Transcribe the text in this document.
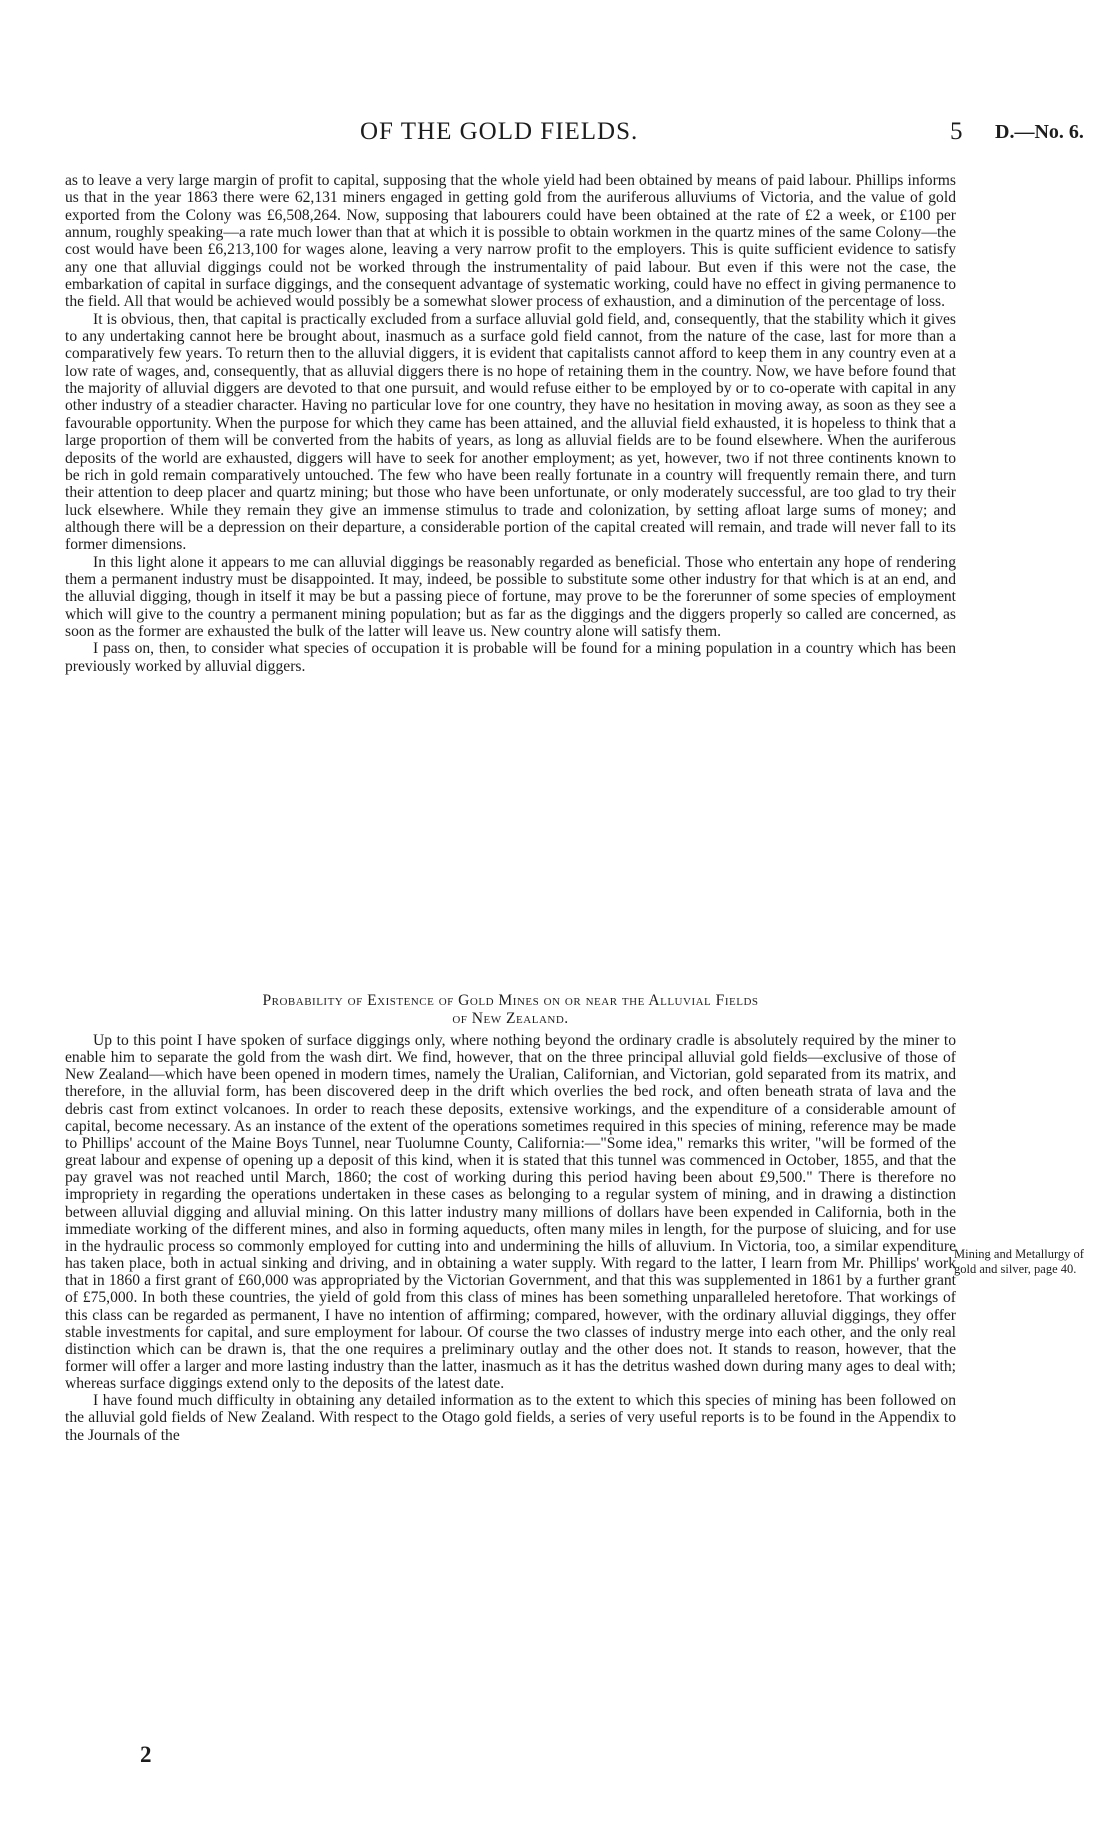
OF THE GOLD FIELDS.	5 D.—No. 6.

as to leave a very large margin of profit to capital, supposing that the whole yield had been obtained by means of paid labour. Phillips informs us that in the year 1863 there were 62,131 miners engaged in getting gold from the auriferous alluviums of Victoria, and the value of gold exported from the Colony was £6,508,264. Now, supposing that labourers could have been obtained at the rate of £2 a week, or £100 per annum, roughly speaking—a rate much lower than that at which it is possible to obtain workmen in the quartz mines of the same Colony—the cost would have been £6,213,100 for wages alone, leaving a very narrow profit to the employers. This is quite sufficient evidence to satisfy any one that alluvial diggings could not be worked through the instrumentality of paid labour. But even if this were not the case, the embarkation of capital in surface diggings, and the consequent advantage of systematic working, could have no effect in giving permanence to the field. All that would be achieved would possibly be a somewhat slower process of exhaustion, and a diminution of the percentage of loss.

It is obvious, then, that capital is practically excluded from a surface alluvial gold field, and, consequently, that the stability which it gives to any undertaking cannot here be brought about, inasmuch as a surface gold field cannot, from the nature of the case, last for more than a comparatively few years. To return then to the alluvial diggers, it is evident that capitalists cannot afford to keep them in any country even at a low rate of wages, and, consequently, that as alluvial diggers there is no hope of retaining them in the country. Now, we have before found that the majority of alluvial diggers are devoted to that one pursuit, and would refuse either to be employed by or to co-operate with capital in any other industry of a steadier character. Having no particular love for one country, they have no hesitation in moving away, as soon as they see a favourable opportunity. When the purpose for which they came has been attained, and the alluvial field exhausted, it is hopeless to think that a large proportion of them will be converted from the habits of years, as long as alluvial fields are to be found elsewhere. When the auriferous deposits of the world are exhausted, diggers will have to seek for another employment; as yet, however, two if not three continents known to be rich in gold remain comparatively untouched. The few who have been really fortunate in a country will frequently remain there, and turn their attention to deep placer and quartz mining; but those who have been unfortunate, or only moderately successful, are too glad to try their luck elsewhere. While they remain they give an immense stimulus to trade and colonization, by setting afloat large sums of money; and although there will be a depression on their departure, a considerable portion of the capital created will remain, and trade will never fall to its former dimensions.

In this light alone it appears to me can alluvial diggings be reasonably regarded as beneficial. Those who entertain any hope of rendering them a permanent industry must be disappointed. It may, indeed, be possible to substitute some other industry for that which is at an end, and the alluvial digging, though in itself it may be but a passing piece of fortune, may prove to be the forerunner of some species of employment which will give to the country a permanent mining population; but as far as the diggings and the diggers properly so called are concerned, as soon as the former are exhausted the bulk of the latter will leave us. New country alone will satisfy them.

I pass on, then, to consider what species of occupation it is probable will be found for a mining population in a country which has been previously worked by alluvial diggers.

Probability of Existence of Gold Mines on or near the Alluvial Fields
of New Zealand.

Up to this point I have spoken of surface diggings only, where nothing beyond the ordinary cradle is absolutely required by the miner to enable him to separate the gold from the wash dirt. We find, however, that on the three principal alluvial gold fields—exclusive of those of New Zealand—which have been opened in modern times, namely the Uralian, Californian, and Victorian, gold separated from its matrix, and therefore, in the alluvial form, has been discovered deep in the drift which overlies the bed rock, and often beneath strata of lava and the debris cast from extinct volcanoes. In order to reach these deposits, extensive workings, and the expenditure of a considerable amount of capital, become necessary. As an instance of the extent of the operations sometimes required in this species of mining, reference may be made to Phillips' account of the Maine Boys Tunnel, near Tuolumne County, California:—"Some idea," remarks this writer, "will be formed of the great labour and expense of opening up a deposit of this kind, when it is stated that this tunnel was commenced in October, 1855, and that the pay gravel was not reached until March, 1860; the cost of working during this period having been about £9,500." There is therefore no impropriety in regarding the operations undertaken in these cases as belonging to a regular system of mining, and in drawing a distinction between alluvial digging and alluvial mining. On this latter industry many millions of dollars have been expended in California, both in the immediate working of the different mines, and also in forming aqueducts, often many miles in length, for the purpose of sluicing, and for use in the hydraulic process so commonly employed for cutting into and undermining the hills of alluvium. In Victoria, too, a similar expenditure has taken place, both in actual sinking and driving, and in obtaining a water supply. With regard to the latter, I learn from Mr. Phillips' work that in 1860 a first grant of £60,000 was appropriated by the Victorian Government, and that this was supplemented in 1861 by a further grant of £75,000. In both these countries, the yield of gold from this class of mines has been something unparalleled heretofore. That workings of this class can be regarded as permanent, I have no intention of affirming; compared, however, with the ordinary alluvial diggings, they offer stable investments for capital, and sure employment for labour. Of course the two classes of industry merge into each other, and the only real distinction which can be drawn is, that the one requires a preliminary outlay and the other does not. It stands to reason, however, that the former will offer a larger and more lasting industry than the latter, inasmuch as it has the detritus washed down during many ages to deal with; whereas surface diggings extend only to the deposits of the latest date.

I have found much difficulty in obtaining any detailed information as to the extent to which this species of mining has been followed on the alluvial gold fields of New Zealand. With respect to the Otago gold fields, a series of very useful reports is to be found in the Appendix to the Journals of the

Mining and Metallurgy of gold and silver, page 40.
2
